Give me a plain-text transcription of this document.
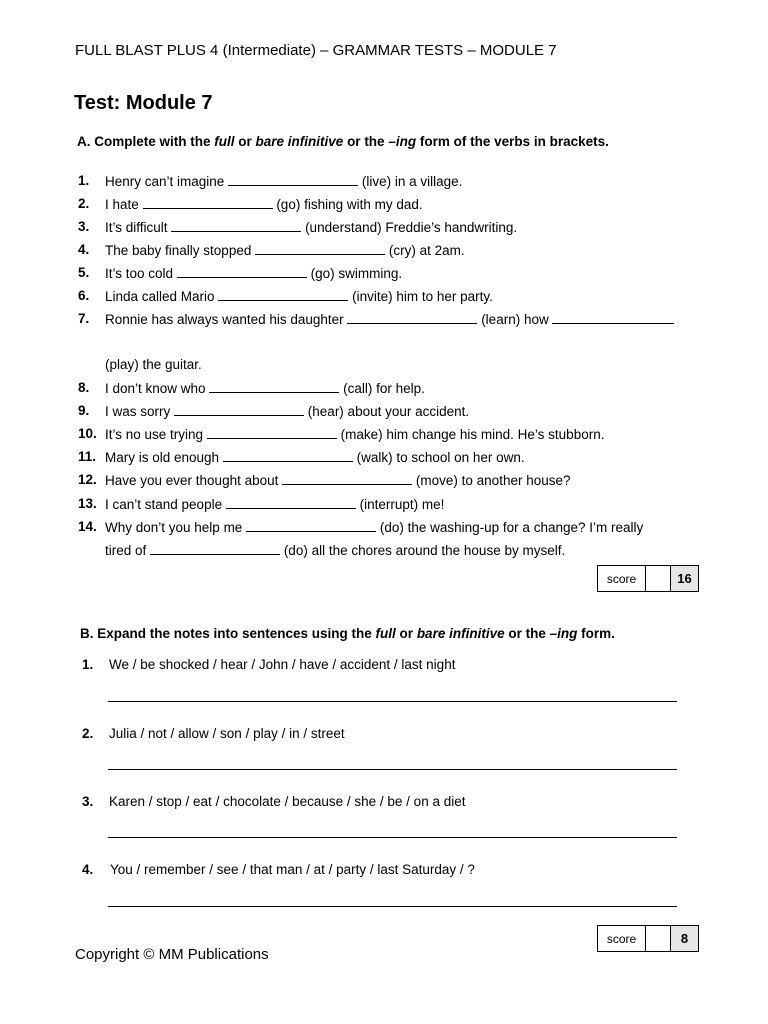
FULL BLAST PLUS 4 (Intermediate) – GRAMMAR TESTS – MODULE 7
Test: Module 7
A. Complete with the full or bare infinitive or the –ing form of the verbs in brackets.
1. Henry can’t imagine	(live) in a village.
2. I hate	(go) fishing with my dad.
3. It’s difficult	(understand) Freddie’s handwriting.
4. The baby finally stopped	(cry) at 2am.
5. It’s too cold	(go) swimming.
6. Linda called Mario	(invite) him to her party.
7. Ronnie has always wanted his daughter	(learn) how
(play) the guitar.
8. I don’t know who	(call) for help.
9. I was sorry	(hear) about your accident.
10. It’s no use trying	(make) him change his mind. He’s stubborn.
11. Mary is old enough	(walk) to school on her own.
12. Have you ever thought about	(move) to another house?
13. I can’t stand people	(interrupt) me!
14. Why don’t you help me	(do) the washing-up for a change? I’m really
tired of	(do) all the chores around the house by myself.
score	16
B. Expand the notes into sentences using the full or bare infinitive or the –ing form.
1. We / be shocked / hear / John / have / accident / last night
2. Julia / not / allow / son / play / in / street
3. Karen / stop / eat / chocolate / because / she / be / on a diet
4. You / remember / see / that man / at / party / last Saturday / ?
score	8
Copyright © MM Publications
